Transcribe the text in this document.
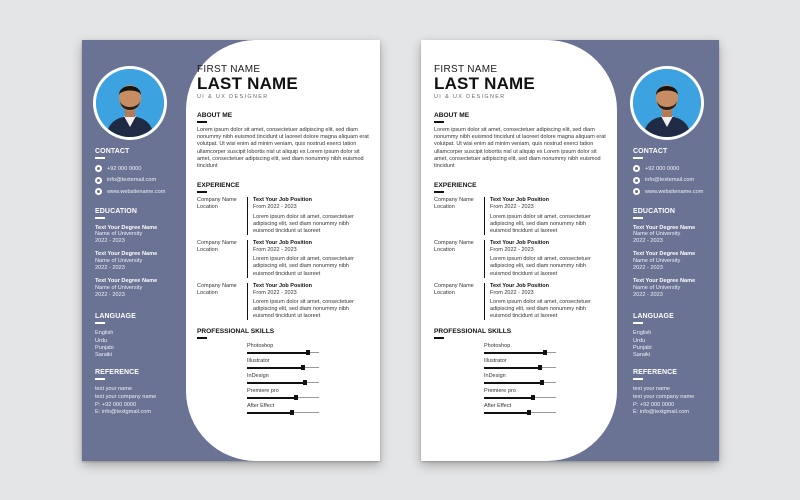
CONTACT
+92 000 0000
info@textemail.com
www.websitename.com
EDUCATION
Text Your Degree Name
Name of University
2022 - 2023
Text Your Degree Name
Name of University
2022 - 2023
Text Your Degree Name
Name of University
2022 - 2023
LANGUAGE
English
Urdu
Punjabi
Saraiki
REFERENCE
text your name
text your company name
P: +92 000 0000
E: info@textgmail.com
FIRST NAME
LAST NAME
UI & UX DESIGNER
ABOUT ME
Lorem ipsum dolor sit amet, consectetuer adipiscing elit, sed diam nonummy nibh euismod tincidunt ut laoreet dolore magna aliquam erat volutpat. Ut wisi enim ad minim veniam, quis nostrud exerci tation ullamcorper suscipit lobortis nisl ut aliquip ex Lorem ipsum dolor sit amet, consectetuer adipiscing elit, sed diam nonummy nibh euismod tincidunt
EXPERIENCE
Company Name
Location
Text Your Job Position
From 2022 - 2023
Lorem ipsum dolor sit amet, consectetuer adipiscing elit, sed diam nonummy nibh euismod tincidunt ut laoreet
Company Name
Location
Text Your Job Position
From 2022 - 2023
Lorem ipsum dolor sit amet, consectetuer adipiscing elit, sed diam nonummy nibh euismod tincidunt ut laoreet
Company Name
Location
Text Your Job Position
From 2022 - 2023
Lorem ipsum dolor sit amet, consectetuer adipiscing elit, sed diam nonummy nibh euismod tincidunt ut laoreet
PROFESSIONAL SKILLS
Photoshop
Illustrator
InDesign
Premiere pro
After Effect
CONTACT
+92 000 0000
info@textemail.com
www.websitename.com
EDUCATION
Text Your Degree Name
Name of University
2022 - 2023
Text Your Degree Name
Name of University
2022 - 2023
Text Your Degree Name
Name of University
2022 - 2023
LANGUAGE
English
Urdu
Punjabi
Saraiki
REFERENCE
text your name
text your company name
P: +92 000 0000
E: info@textgmail.com
FIRST NAME
LAST NAME
UI & UX DESIGNER
ABOUT ME
Lorem ipsum dolor sit amet, consectetuer adipiscing elit, sed diam nonummy nibh euismod tincidunt ut laoreet dolore magna aliquam erat volutpat. Ut wisi enim ad minim veniam, quis nostrud exerci tation ullamcorper suscipit lobortis nisl ut aliquip ex Lorem ipsum dolor sit amet, consectetuer adipiscing elit, sed diam nonummy nibh euismod tincidunt
EXPERIENCE
Company Name
Location
Text Your Job Position
From 2022 - 2023
Lorem ipsum dolor sit amet, consectetuer adipiscing elit, sed diam nonummy nibh euismod tincidunt ut laoreet
Company Name
Location
Text Your Job Position
From 2022 - 2023
Lorem ipsum dolor sit amet, consectetuer adipiscing elit, sed diam nonummy nibh euismod tincidunt ut laoreet
Company Name
Location
Text Your Job Position
From 2022 - 2023
Lorem ipsum dolor sit amet, consectetuer adipiscing elit, sed diam nonummy nibh euismod tincidunt ut laoreet
PROFESSIONAL SKILLS
Photoshop
Illustrator
InDesign
Premiere pro
After Effect
